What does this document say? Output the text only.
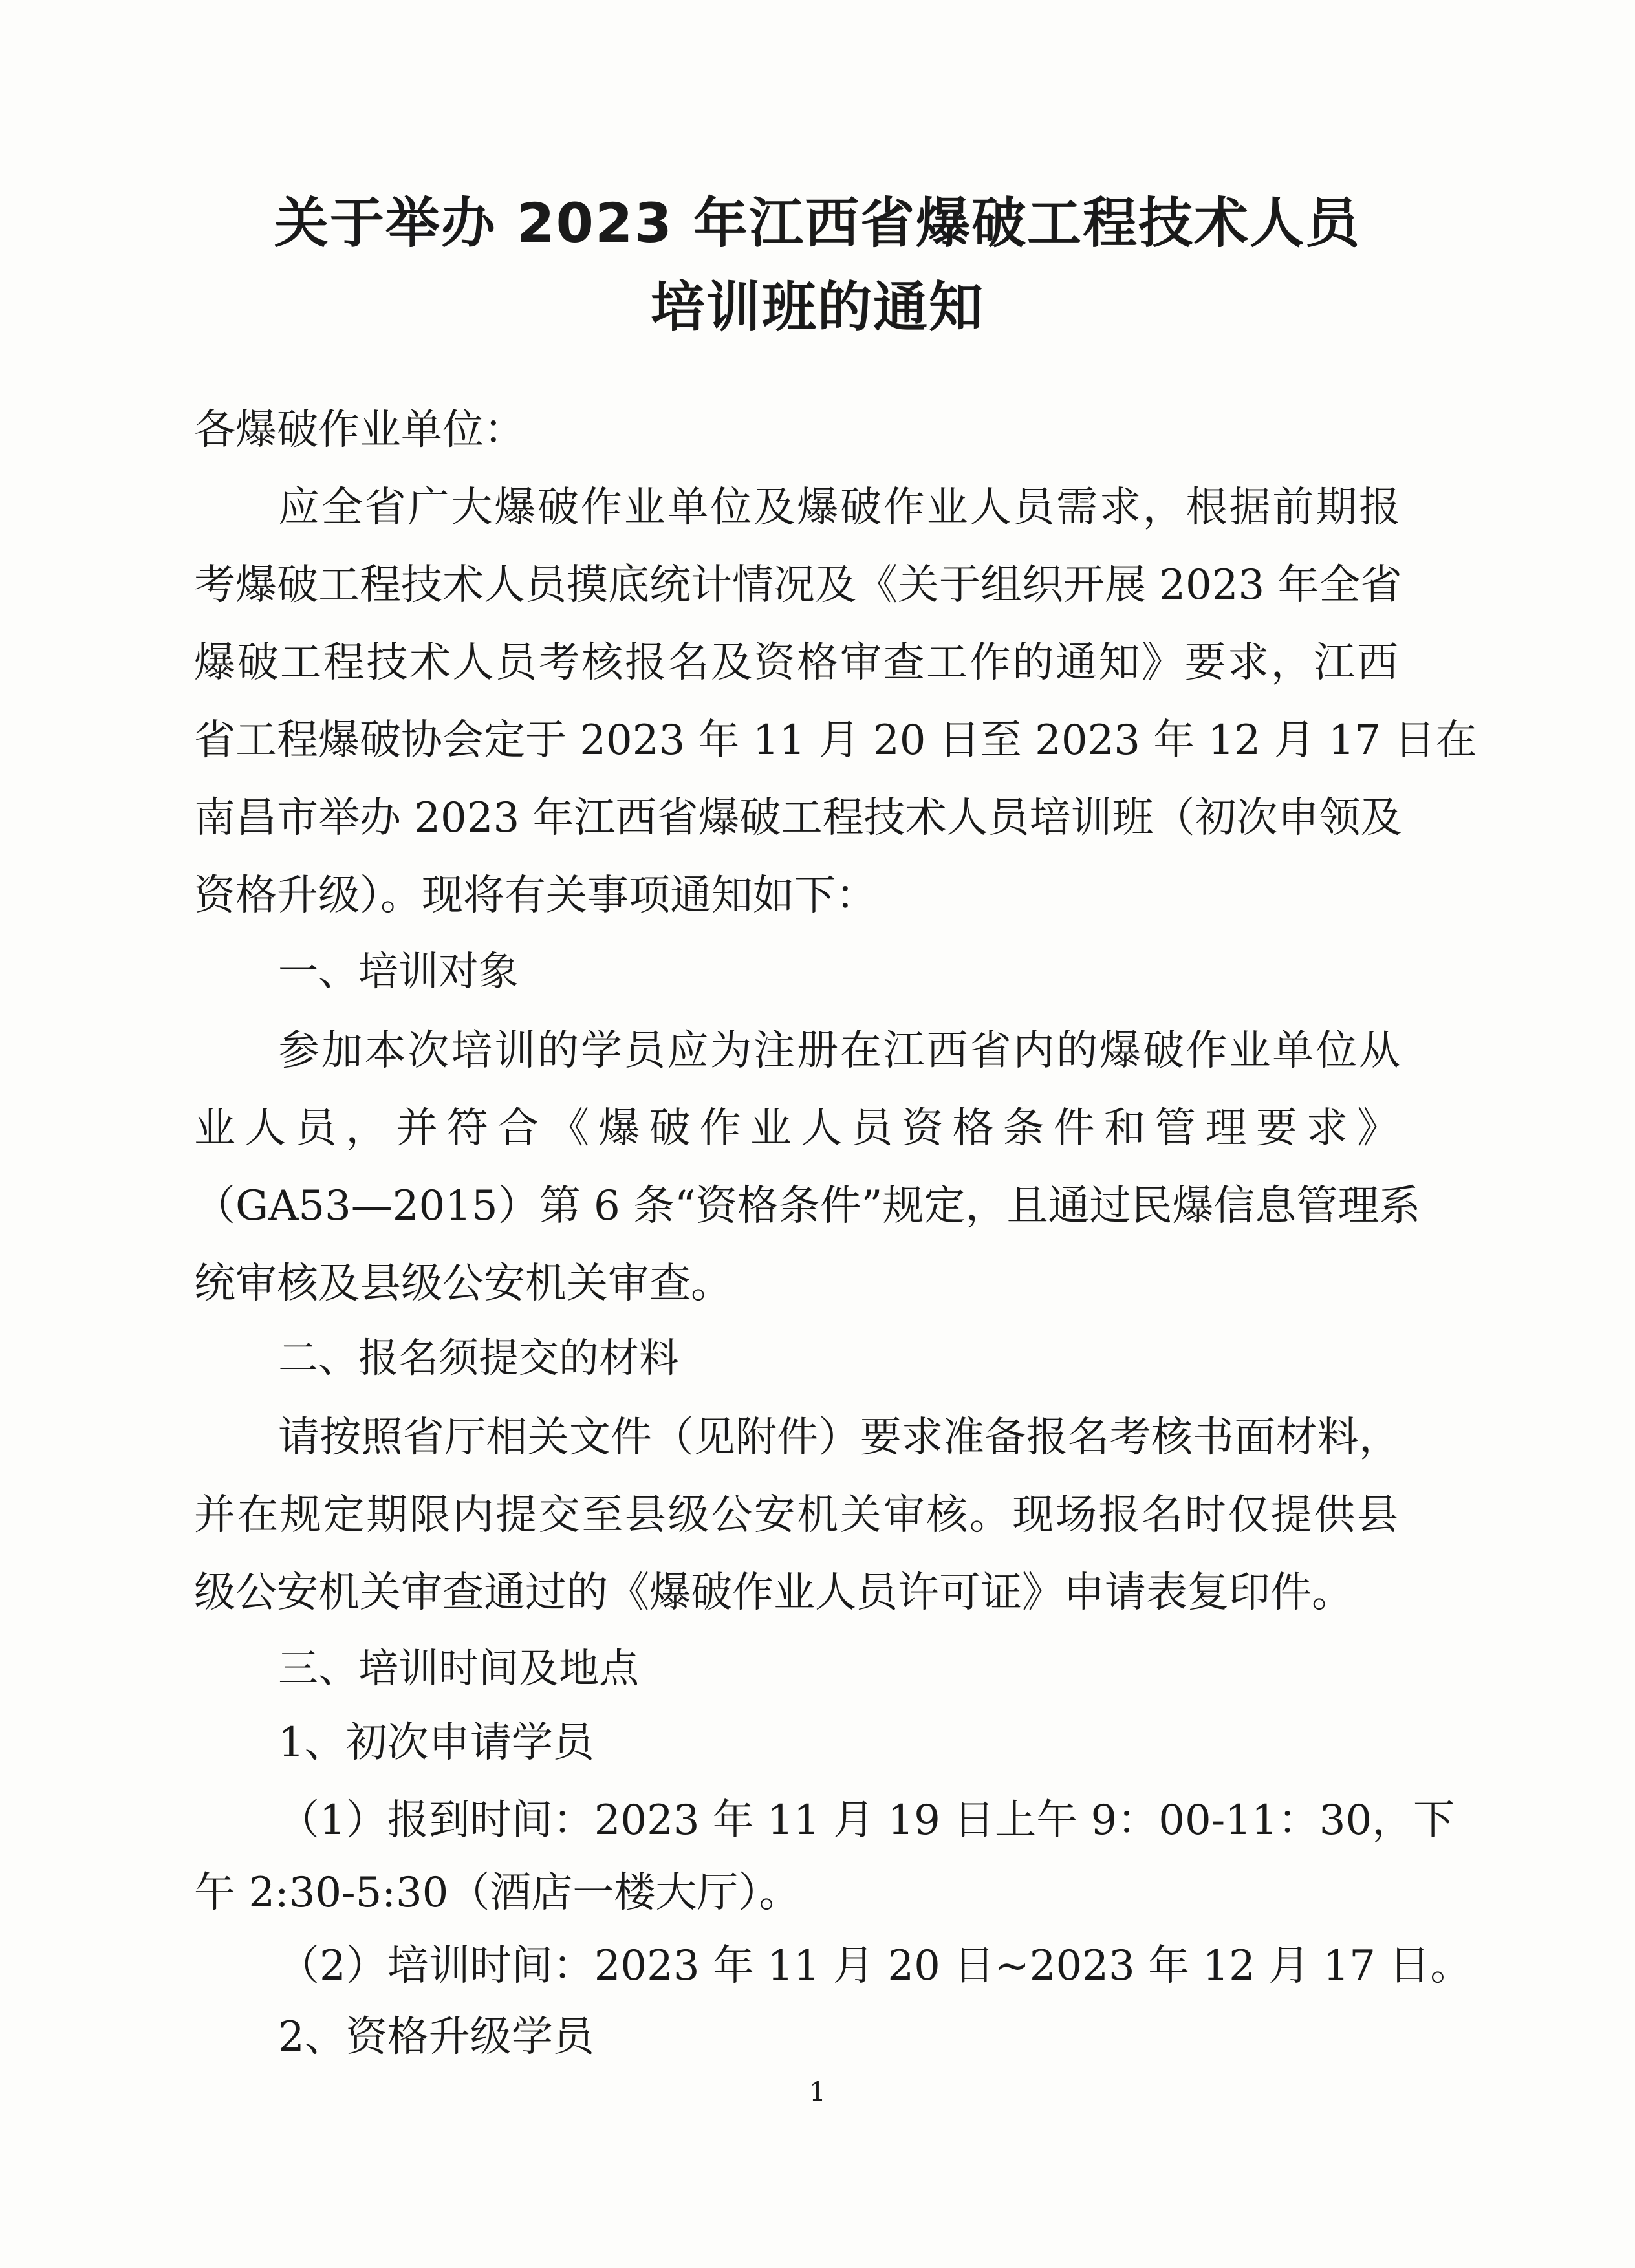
关于举办 2023 年江西省爆破工程技术人员
培训班的通知
各爆破作业单位：
应全省广大爆破作业单位及爆破作业人员需求，根据前期报
考爆破工程技术人员摸底统计情况及《关于组织开展 2023 年全省
爆破工程技术人员考核报名及资格审查工作的通知》要求，江西
省工程爆破协会定于 2023 年 11 月 20 日至 2023 年 12 月 17 日在
南昌市举办 2023 年江西省爆破工程技术人员培训班（初次申领及
资格升级）。现将有关事项通知如下：
一、培训对象
参加本次培训的学员应为注册在江西省内的爆破作业单位从
业人员，并符合《爆破作业人员资格条件和管理要求》
（GA53—2015）第 6 条“资格条件”规定，且通过民爆信息管理系
统审核及县级公安机关审查。
二、报名须提交的材料
请按照省厅相关文件（见附件）要求准备报名考核书面材料，
并在规定期限内提交至县级公安机关审核。现场报名时仅提供县
级公安机关审查通过的《爆破作业人员许可证》申请表复印件。
三、培训时间及地点
1、初次申请学员
（1）报到时间：2023 年 11 月 19 日上午 9：00-11：30，下
午 2:30-5:30（酒店一楼大厅）。
（2）培训时间：2023 年 11 月 20 日~2023 年 12 月 17 日。
2、资格升级学员
1
